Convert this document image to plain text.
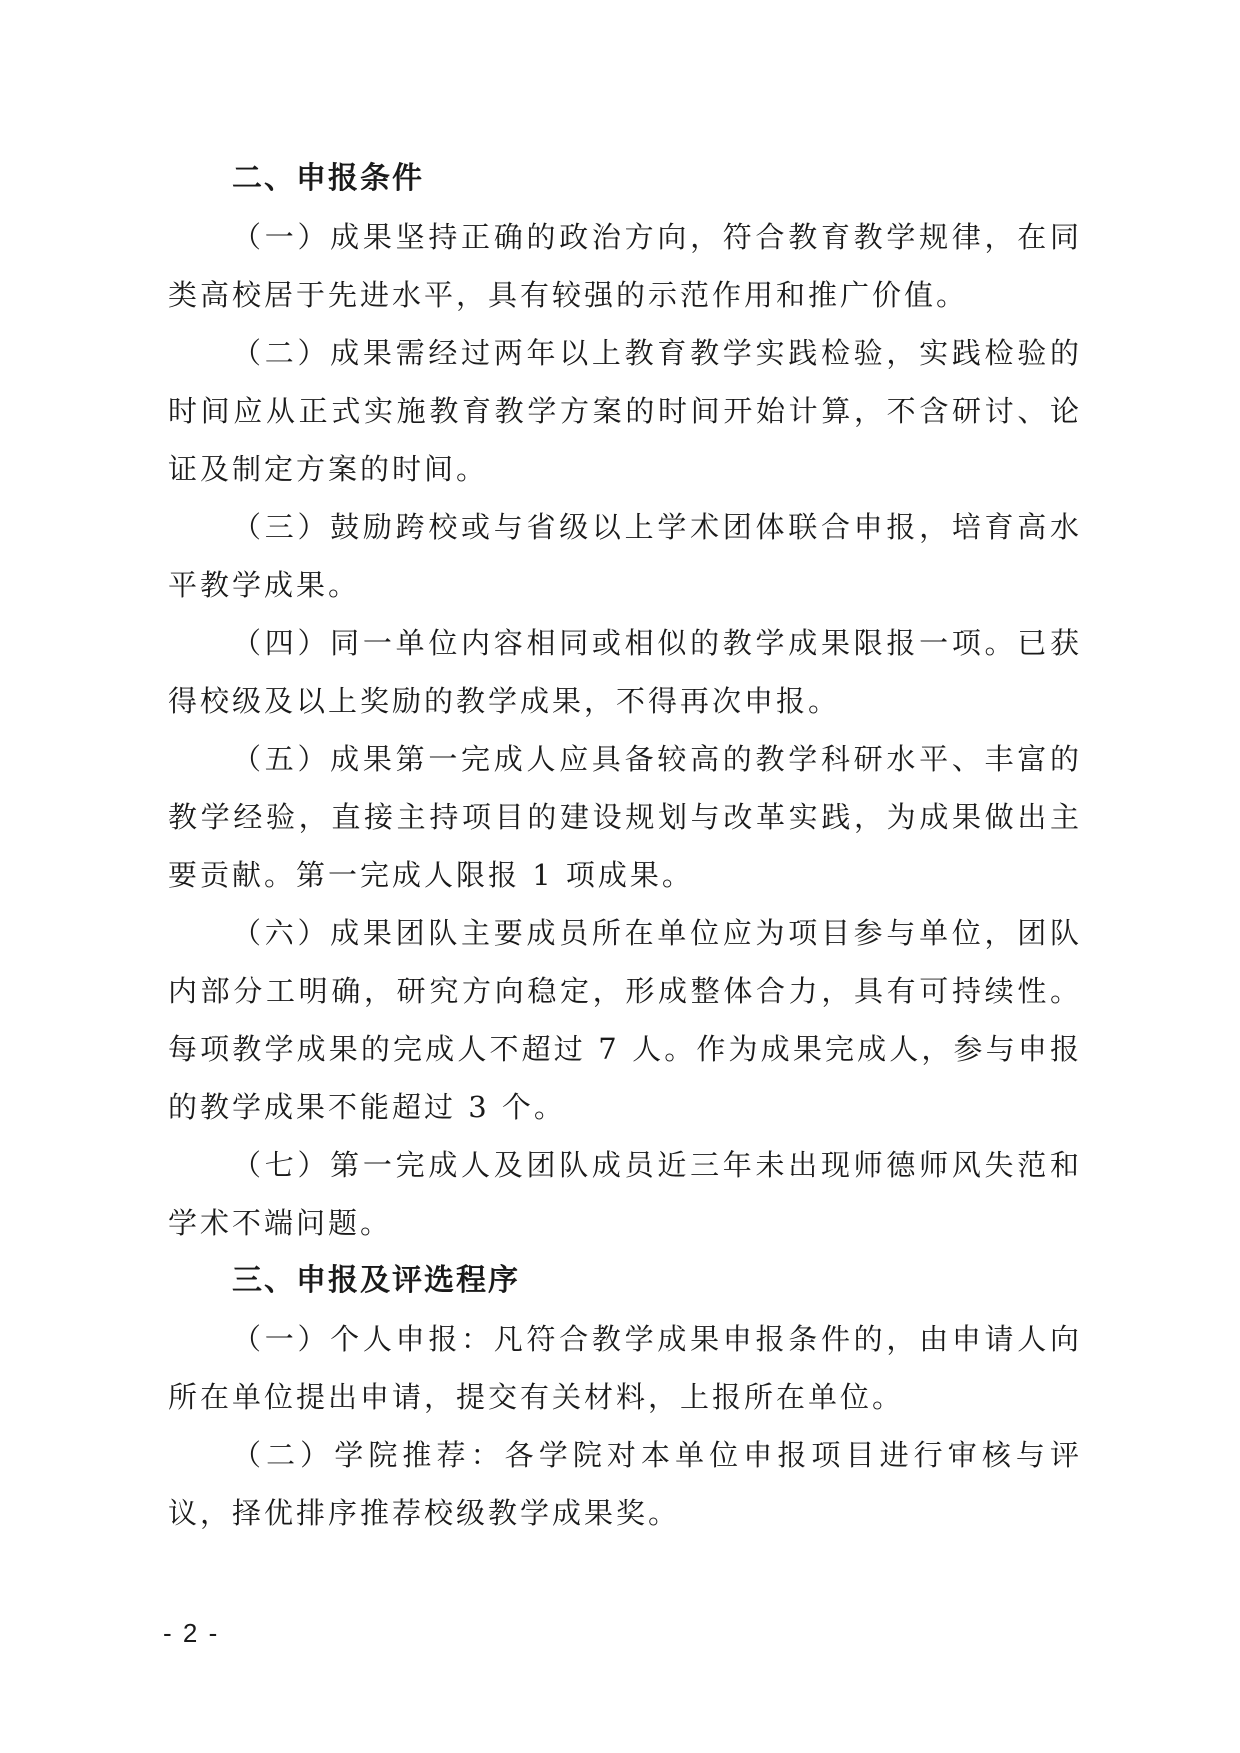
二、申报条件

（一）成果坚持正确的政治方向，符合教育教学规律，在同类高校居于先进水平，具有较强的示范作用和推广价值。

（二）成果需经过两年以上教育教学实践检验，实践检验的时间应从正式实施教育教学方案的时间开始计算，不含研讨、论证及制定方案的时间。

（三）鼓励跨校或与省级以上学术团体联合申报，培育高水平教学成果。

（四）同一单位内容相同或相似的教学成果限报一项。已获得校级及以上奖励的教学成果，不得再次申报。

（五）成果第一完成人应具备较高的教学科研水平、丰富的教学经验，直接主持项目的建设规划与改革实践，为成果做出主要贡献。第一完成人限报 1 项成果。

（六）成果团队主要成员所在单位应为项目参与单位，团队内部分工明确，研究方向稳定，形成整体合力，具有可持续性。每项教学成果的完成人不超过 7 人。作为成果完成人，参与申报的教学成果不能超过 3 个。

（七）第一完成人及团队成员近三年未出现师德师风失范和学术不端问题。

三、申报及评选程序

（一）个人申报：凡符合教学成果申报条件的，由申请人向所在单位提出申请，提交有关材料，上报所在单位。

（二）学院推荐：各学院对本单位申报项目进行审核与评议，择优排序推荐校级教学成果奖。

- 2 -
